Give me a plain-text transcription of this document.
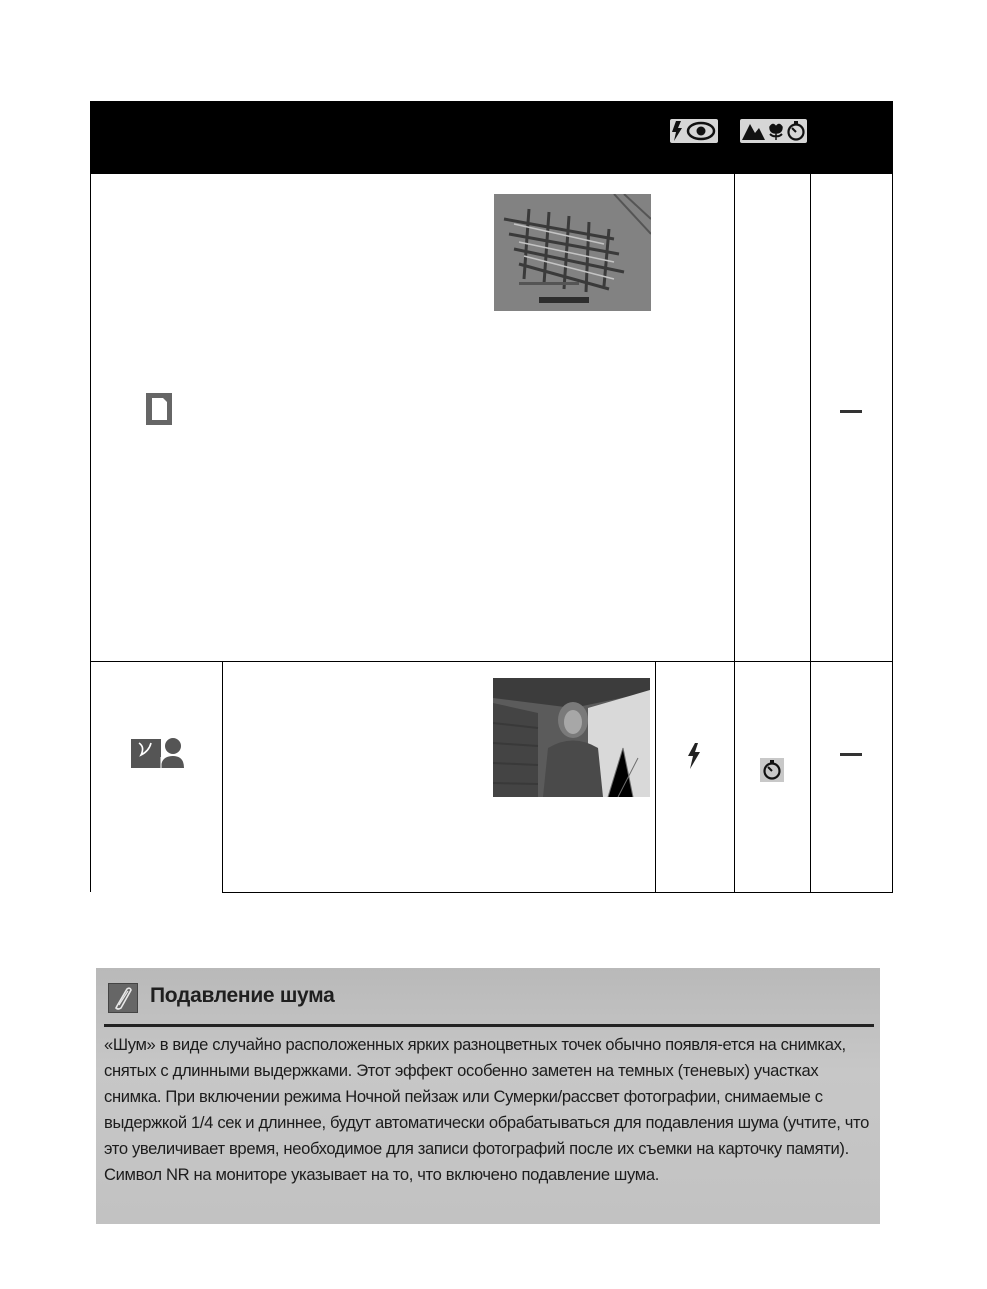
Подавление шума
«Шум» в виде случайно расположенных ярких разноцветных точек обычно появля-ется на снимках, снятых с длинными выдержками. Этот эффект особенно заметен на темных (теневых) участках снимка. При включении режима Ночной пейзаж или Сумерки/рассвет фотографии, снимаемые с выдержкой 1/4 сек и длиннее, будут автоматически обрабатываться для подавления шума (учтите, что это увеличивает время, необходимое для записи фотографий после их съемки на карточку памяти). Символ NR на мониторе указывает на то, что включено подавление шума.
